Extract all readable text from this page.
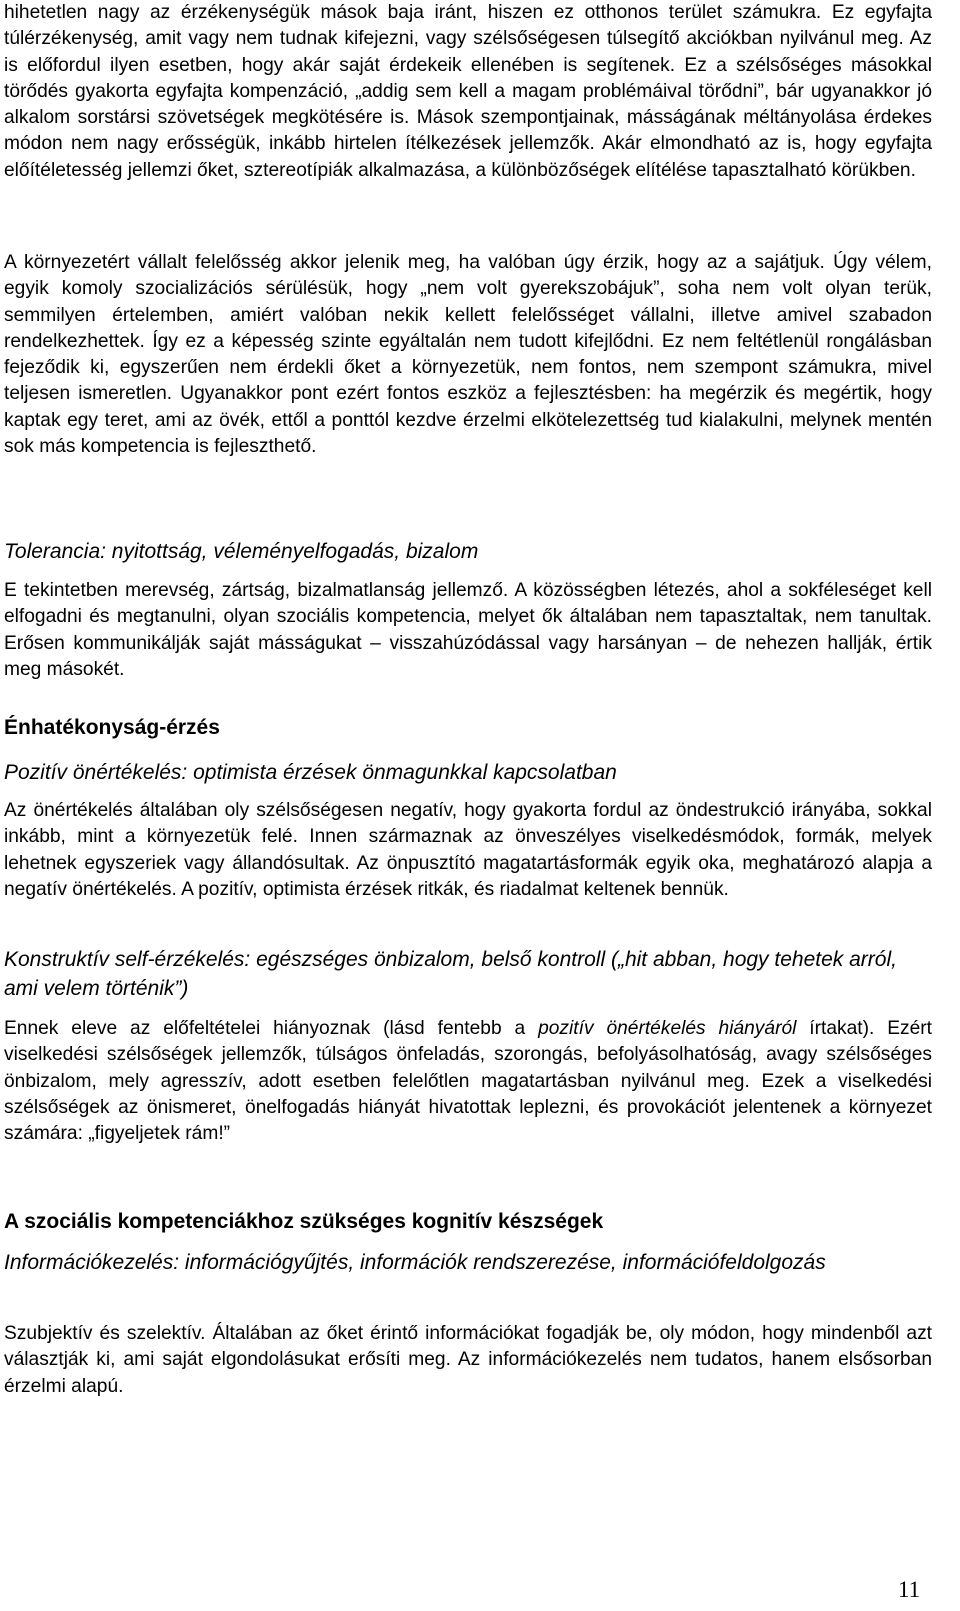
hihetetlen nagy az érzékenységük mások baja iránt, hiszen ez otthonos terület számukra. Ez egyfajta túlérzékenység, amit vagy nem tudnak kifejezni, vagy szélsőségesen túlsegítő akciókban nyilvánul meg. Az is előfordul ilyen esetben, hogy akár saját érdekeik ellenében is segítenek. Ez a szélsőséges másokkal törődés gyakorta egyfajta kompenzáció, „addig sem kell a magam problémáival törődni”, bár ugyanakkor jó alkalom sorstársi szövetségek megkötésére is. Mások szempontjainak, másságának méltányolása érdekes módon nem nagy erősségük, inkább hirtelen ítélkezések jellemzők. Akár elmondható az is, hogy egyfajta előítéletesség jellemzi őket, sztereotípiák alkalmazása, a különbözőségek elítélése tapasztalható körükben.

A környezetért vállalt felelősség akkor jelenik meg, ha valóban úgy érzik, hogy az a sajátjuk. Úgy vélem, egyik komoly szocializációs sérülésük, hogy „nem volt gyerekszobájuk”, soha nem volt olyan terük, semmilyen értelemben, amiért valóban nekik kellett felelősséget vállalni, illetve amivel szabadon rendelkezhettek. Így ez a képesség szinte egyáltalán nem tudott kifejlődni. Ez nem feltétlenül rongálásban fejeződik ki, egyszerűen nem érdekli őket a környezetük, nem fontos, nem szempont számukra, mivel teljesen ismeretlen. Ugyanakkor pont ezért fontos eszköz a fejlesztésben: ha megérzik és megértik, hogy kaptak egy teret, ami az övék, ettől a ponttól kezdve érzelmi elkötelezettség tud kialakulni, melynek mentén sok más kompetencia is fejleszthető.

Tolerancia: nyitottság, véleményelfogadás, bizalom

E tekintetben merevség, zártság, bizalmatlanság jellemző. A közösségben létezés, ahol a sokféleséget kell elfogadni és megtanulni, olyan szociális kompetencia, melyet ők általában nem tapasztaltak, nem tanultak. Erősen kommunikálják saját másságukat – visszahúzódással vagy harsányan – de nehezen hallják, értik meg másokét.

Énhatékonyság-érzés
Pozitív önértékelés: optimista érzések önmagunkkal kapcsolatban

Az önértékelés általában oly szélsőségesen negatív, hogy gyakorta fordul az öndestrukció irányába, sokkal inkább, mint a környezetük felé. Innen származnak az önveszélyes viselkedésmódok, formák, melyek lehetnek egyszeriek vagy állandósultak. Az önpusztító magatartásformák egyik oka, meghatározó alapja a negatív önértékelés. A pozitív, optimista érzések ritkák, és riadalmat keltenek bennük.

Konstruktív self-érzékelés: egészséges önbizalom, belső kontroll („hit abban, hogy tehetek arról, ami velem történik”)

Ennek eleve az előfeltételei hiányoznak (lásd fentebb a pozitív önértékelés hiányáról írtakat). Ezért viselkedési szélsőségek jellemzők, túlságos önfeladás, szorongás, befolyásolhatóság, avagy szélsőséges önbizalom, mely agresszív, adott esetben felelőtlen magatartásban nyilvánul meg. Ezek a viselkedési szélsőségek az önismeret, önelfogadás hiányát hivatottak leplezni, és provokációt jelentenek a környezet számára: „figyeljetek rám!”

A szociális kompetenciákhoz szükséges kognitív készségek
Információkezelés: információgyűjtés, információk rendszerezése, információfeldolgozás

Szubjektív és szelektív. Általában az őket érintő információkat fogadják be, oly módon, hogy mindenből azt választják ki, ami saját elgondolásukat erősíti meg. Az információkezelés nem tudatos, hanem elsősorban érzelmi alapú.

11
